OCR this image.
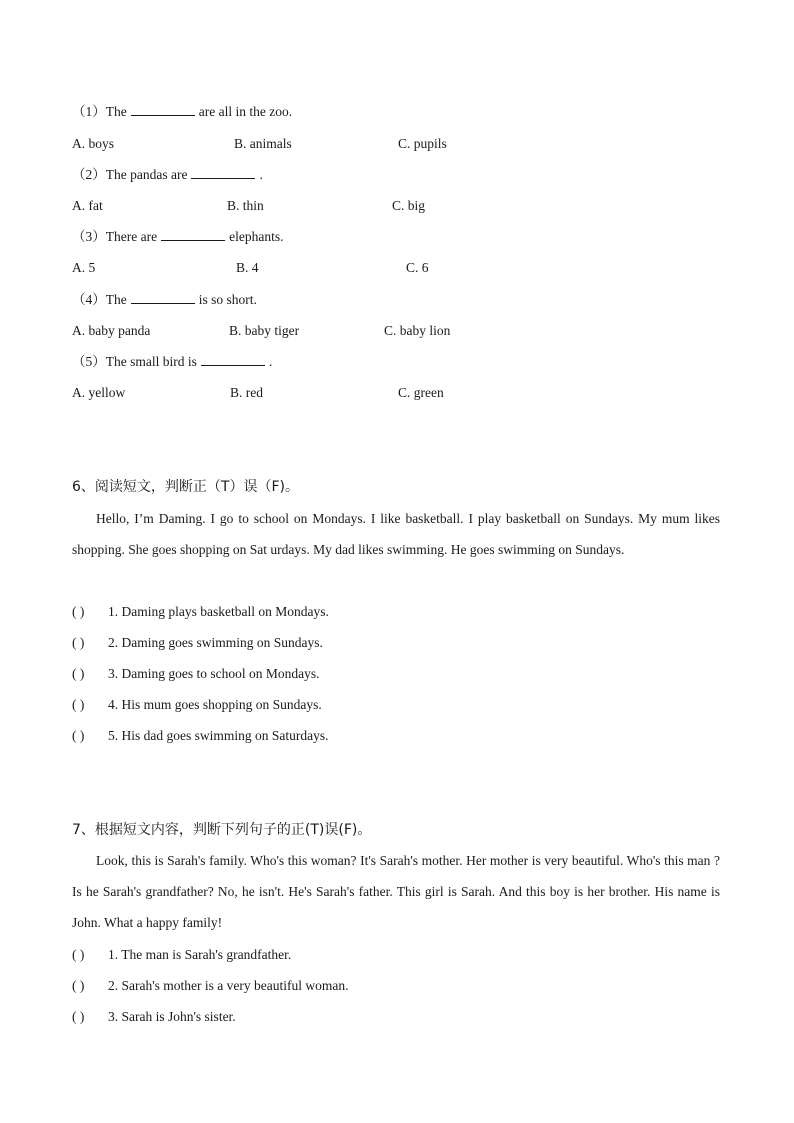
（1）The	are all in the zoo.
A. boys	B. animals	C. pupils
（2）The pandas are	.
A. fat	B. thin	C. big
（3）There are	elephants.
A. 5	B. 4	C. 6
（4）The	is so short.
A. baby panda	B. baby tiger	C. baby lion
（5）The small bird is	.
A. yellow	B. red	C. green
6、阅读短文，判断正（T）误（F)。
Hello, I’m Daming. I go to school on Mondays. I like basketball. I play basketball on Sundays. My mum likes shopping. She goes shopping on Sat urdays. My dad likes swimming. He goes swimming on Sundays.
( ) 1. Daming plays basketball on Mondays.
( ) 2. Daming goes swimming on Sundays.
( ) 3. Daming goes to school on Mondays.
( ) 4. His mum goes shopping on Sundays.
( ) 5. His dad goes swimming on Saturdays.
7、根据短文内容，判断下列句子的正(T)误(F)。
Look, this is Sarah's family. Who's this woman? It's Sarah's mother. Her mother is very beautiful. Who's this man ? Is he Sarah's grandfather? No, he isn't. He's Sarah's father. This girl is Sarah. And this boy is her brother. His name is John. What a happy family!
( ) 1. The man is Sarah's grandfather.
( ) 2. Sarah's mother is a very beautiful woman.
( ) 3. Sarah is John's sister.
